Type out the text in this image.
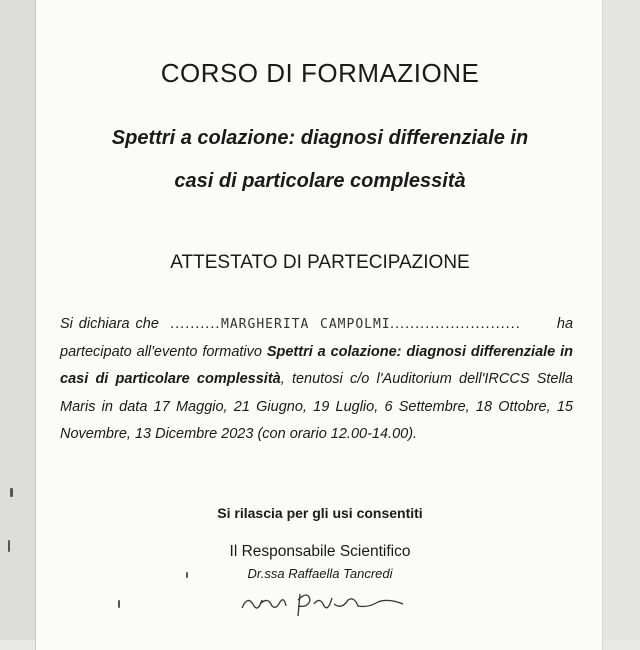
CORSO DI FORMAZIONE
Spettri a colazione: diagnosi differenziale in
casi di particolare complessità
ATTESTATO DI PARTECIPAZIONE
Si dichiara che ..........MARGHERITA CAMPOLMI.......................... ha partecipato all'evento formativo Spettri a colazione: diagnosi differenziale in casi di particolare complessità, tenutosi c/o l'Auditorium dell'IRCCS Stella Maris in data 17 Maggio, 21 Giugno, 19 Luglio, 6 Settembre, 18 Ottobre, 15 Novembre, 13 Dicembre 2023 (con orario 12.00-14.00).
Si rilascia per gli usi consentiti
Il Responsabile Scientifico
Dr.ssa Raffaella Tancredi
